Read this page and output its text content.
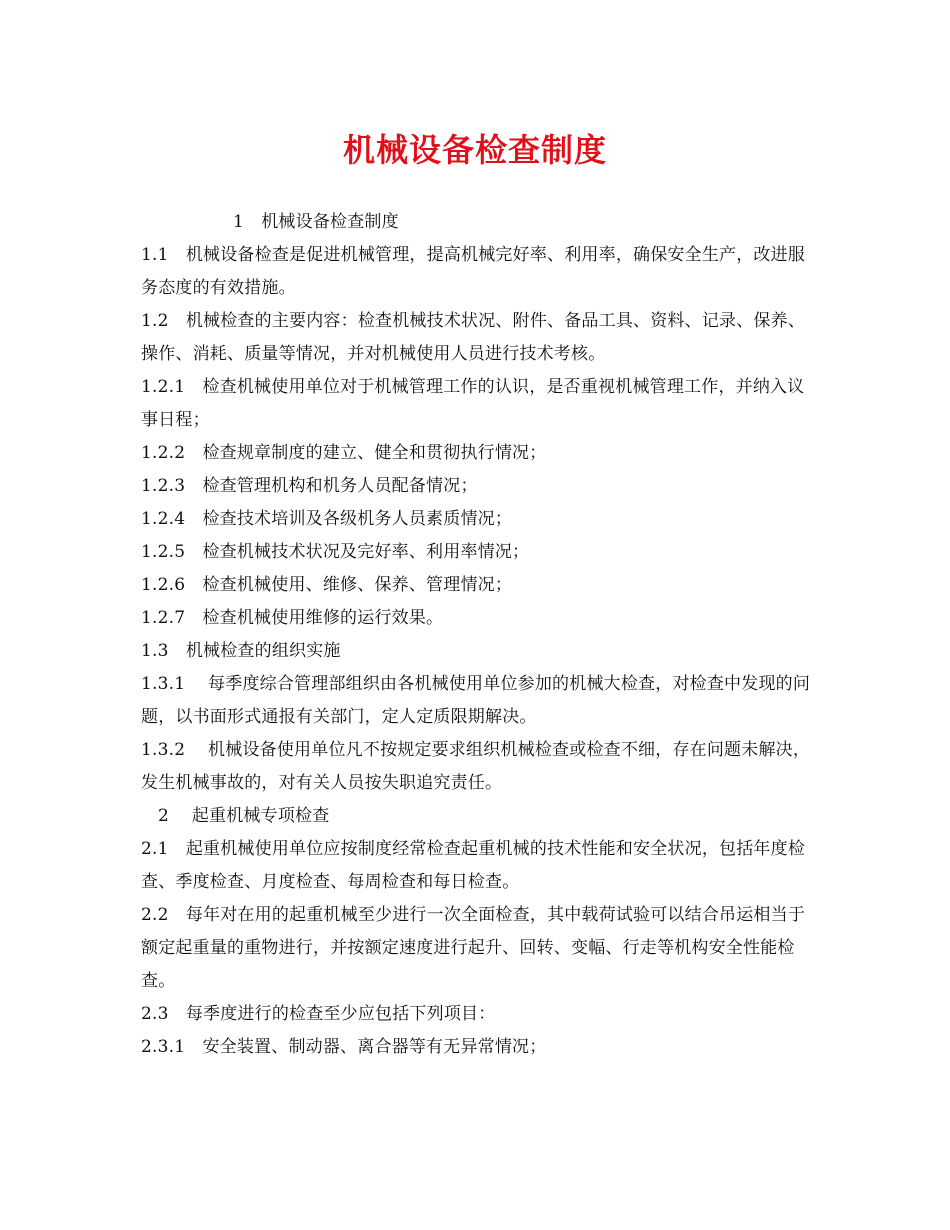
机械设备检查制度

1　机械设备检查制度

1.1　机械设备检查是促进机械管理，提高机械完好率、利用率，确保安全生产，改进服务态度的有效措施。

1.2　机械检查的主要内容：检查机械技术状况、附件、备品工具、资料、记录、保养、操作、消耗、质量等情况，并对机械使用人员进行技术考核。

1.2.1　检查机械使用单位对于机械管理工作的认识，是否重视机械管理工作，并纳入议事日程；

1.2.2　检查规章制度的建立、健全和贯彻执行情况；

1.2.3　检查管理机构和机务人员配备情况；

1.2.4　检查技术培训及各级机务人员素质情况；

1.2.5　检查机械技术状况及完好率、利用率情况；

1.2.6　检查机械使用、维修、保养、管理情况；

1.2.7　检查机械使用维修的运行效果。

1.3　机械检查的组织实施

1.3.1　 每季度综合管理部组织由各机械使用单位参加的机械大检查，对检查中发现的问题，以书面形式通报有关部门，定人定质限期解决。

1.3.2　 机械设备使用单位凡不按规定要求组织机械检查或检查不细，存在问题未解决，发生机械事故的，对有关人员按失职追究责任。

2　 起重机械专项检查

2.1　起重机械使用单位应按制度经常检查起重机械的技术性能和安全状况，包括年度检查、季度检查、月度检查、每周检查和每日检查。

2.2　每年对在用的起重机械至少进行一次全面检查，其中载荷试验可以结合吊运相当于额定起重量的重物进行，并按额定速度进行起升、回转、变幅、行走等机构安全性能检查。

2.3　每季度进行的检查至少应包括下列项目：

2.3.1　安全装置、制动器、离合器等有无异常情况；
